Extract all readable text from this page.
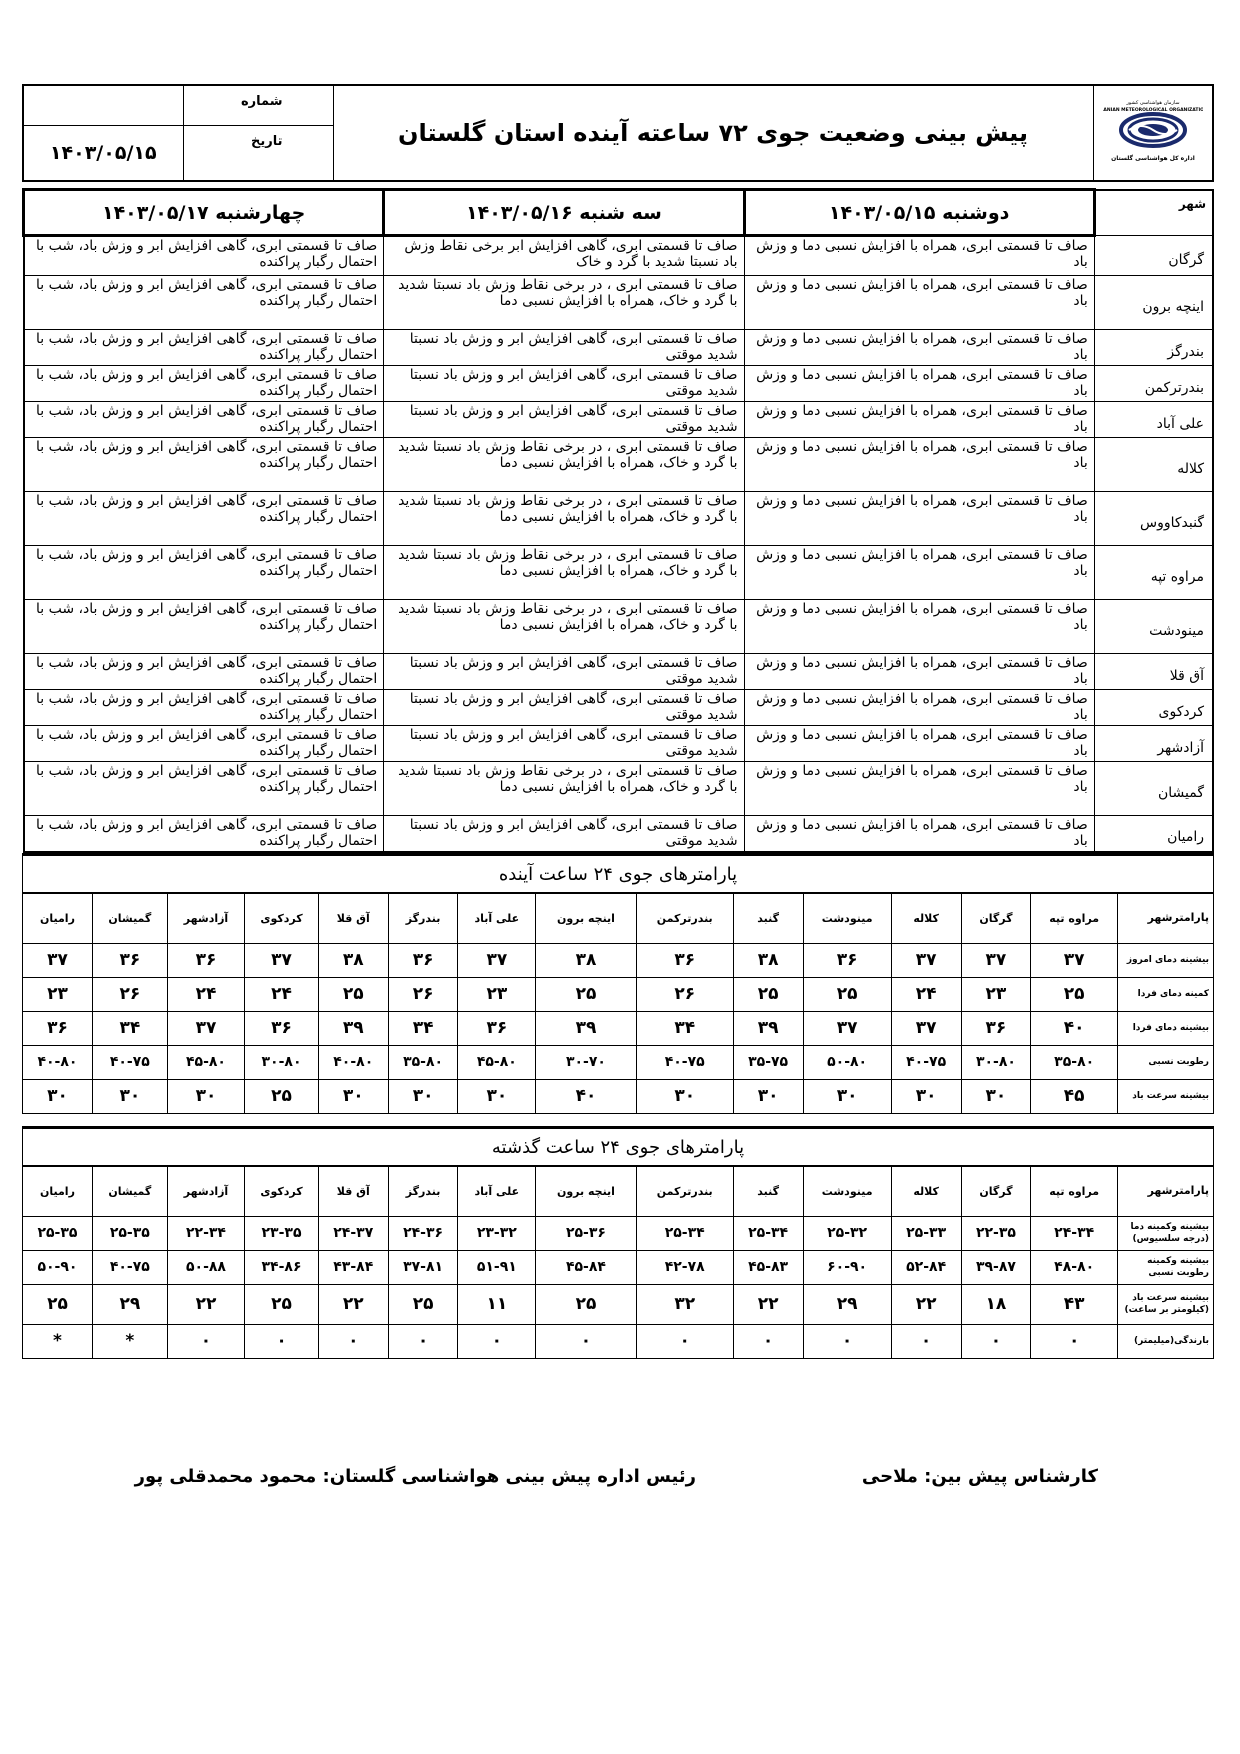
	شماره	پیش بینی وضعیت جوی ۷۲ ساعته آینده استان گلستان	سازمان هواشناسی کشور
IRANIAN METEOROLOGICAL ORGANIZATION
اداره کل هواشناسی گلستان

۱۴۰۳/۰۵/۱۵	تاریخ		
شهر	دوشنبه ۱۴۰۳/۰۵/۱۵	سه شنبه ۱۴۰۳/۰۵/۱۶	چهارشنبه ۱۴۰۳/۰۵/۱۷
گرگان	صاف تا قسمتی ابری، همراه با افزایش نسبی دما و وزش باد	صاف تا قسمتی ابری، گاهی افزایش ابر برخی نقاط وزش باد نسبتا شدید با گرد و خاک	صاف تا قسمتی ابری، گاهی افزایش ابر و وزش باد، شب با احتمال رگبار پراکنده
اینچه برون	صاف تا قسمتی ابری، همراه با افزایش نسبی دما و وزش باد	صاف تا قسمتی ابری ، در برخی نقاط وزش باد نسبتا شدید با گرد و خاک، همراه با افزایش نسبی دما	صاف تا قسمتی ابری، گاهی افزایش ابر و وزش باد، شب با احتمال رگبار پراکنده
بندرگز	صاف تا قسمتی ابری، همراه با افزایش نسبی دما و وزش باد	صاف تا قسمتی ابری، گاهی افزایش ابر و وزش باد نسبتا شدید موقتی	صاف تا قسمتی ابری، گاهی افزایش ابر و وزش باد، شب با احتمال رگبار پراکنده
بندرترکمن	صاف تا قسمتی ابری، همراه با افزایش نسبی دما و وزش باد	صاف تا قسمتی ابری، گاهی افزایش ابر و وزش باد نسبتا شدید موقتی	صاف تا قسمتی ابری، گاهی افزایش ابر و وزش باد، شب با احتمال رگبار پراکنده
علی آباد	صاف تا قسمتی ابری، همراه با افزایش نسبی دما و وزش باد	صاف تا قسمتی ابری، گاهی افزایش ابر و وزش باد نسبتا شدید موقتی	صاف تا قسمتی ابری، گاهی افزایش ابر و وزش باد، شب با احتمال رگبار پراکنده
کلاله	صاف تا قسمتی ابری، همراه با افزایش نسبی دما و وزش باد	صاف تا قسمتی ابری ، در برخی نقاط وزش باد نسبتا شدید با گرد و خاک، همراه با افزایش نسبی دما	صاف تا قسمتی ابری، گاهی افزایش ابر و وزش باد، شب با احتمال رگبار پراکنده
گنبدکاووس	صاف تا قسمتی ابری، همراه با افزایش نسبی دما و وزش باد	صاف تا قسمتی ابری ، در برخی نقاط وزش باد نسبتا شدید با گرد و خاک، همراه با افزایش نسبی دما	صاف تا قسمتی ابری، گاهی افزایش ابر و وزش باد، شب با احتمال رگبار پراکنده
مراوه تپه	صاف تا قسمتی ابری، همراه با افزایش نسبی دما و وزش باد	صاف تا قسمتی ابری ، در برخی نقاط وزش باد نسبتا شدید با گرد و خاک، همراه با افزایش نسبی دما	صاف تا قسمتی ابری، گاهی افزایش ابر و وزش باد، شب با احتمال رگبار پراکنده
مینودشت	صاف تا قسمتی ابری، همراه با افزایش نسبی دما و وزش باد	صاف تا قسمتی ابری ، در برخی نقاط وزش باد نسبتا شدید با گرد و خاک، همراه با افزایش نسبی دما	صاف تا قسمتی ابری، گاهی افزایش ابر و وزش باد، شب با احتمال رگبار پراکنده
آق قلا	صاف تا قسمتی ابری، همراه با افزایش نسبی دما و وزش باد	صاف تا قسمتی ابری، گاهی افزایش ابر و وزش باد نسبتا شدید موقتی	صاف تا قسمتی ابری، گاهی افزایش ابر و وزش باد، شب با احتمال رگبار پراکنده
کردکوی	صاف تا قسمتی ابری، همراه با افزایش نسبی دما و وزش باد	صاف تا قسمتی ابری، گاهی افزایش ابر و وزش باد نسبتا شدید موقتی	صاف تا قسمتی ابری، گاهی افزایش ابر و وزش باد، شب با احتمال رگبار پراکنده
آزادشهر	صاف تا قسمتی ابری، همراه با افزایش نسبی دما و وزش باد	صاف تا قسمتی ابری، گاهی افزایش ابر و وزش باد نسبتا شدید موقتی	صاف تا قسمتی ابری، گاهی افزایش ابر و وزش باد، شب با احتمال رگبار پراکنده
گمیشان	صاف تا قسمتی ابری، همراه با افزایش نسبی دما و وزش باد	صاف تا قسمتی ابری ، در برخی نقاط وزش باد نسبتا شدید با گرد و خاک، همراه با افزایش نسبی دما	صاف تا قسمتی ابری، گاهی افزایش ابر و وزش باد، شب با احتمال رگبار پراکنده
رامیان	صاف تا قسمتی ابری، همراه با افزایش نسبی دما و وزش باد	صاف تا قسمتی ابری، گاهی افزایش ابر و وزش باد نسبتا شدید موقتی	صاف تا قسمتی ابری، گاهی افزایش ابر و وزش باد، شب با احتمال رگبار پراکنده
پارامترهای جوی ۲۴ ساعت آینده
پارامترشهر	مراوه تپه	گرگان	کلاله	مینودشت	گنبد	بندرترکمن	اینچه برون	علی آباد	بندرگز	آق قلا	کردکوی	آزادشهر	گمیشان	رامیان
بیشینه دمای امروز	۳۷	۳۷	۳۷	۳۶	۳۸	۳۶	۳۸	۳۷	۳۶	۳۸	۳۷	۳۶	۳۶	۳۷
کمینه دمای فردا	۲۵	۲۳	۲۴	۲۵	۲۵	۲۶	۲۵	۲۳	۲۶	۲۵	۲۴	۲۴	۲۶	۲۳
بیشینه دمای فردا	۴۰	۳۶	۳۷	۳۷	۳۹	۳۴	۳۹	۳۶	۳۴	۳۹	۳۶	۳۷	۳۴	۳۶
رطوبت نسبی	۳۵-۸۰	۳۰-۸۰	۴۰-۷۵	۵۰-۸۰	۳۵-۷۵	۴۰-۷۵	۳۰-۷۰	۴۵-۸۰	۳۵-۸۰	۴۰-۸۰	۳۰-۸۰	۴۵-۸۰	۴۰-۷۵	۴۰-۸۰
بیشینه سرعت باد	۴۵	۳۰	۳۰	۳۰	۳۰	۳۰	۴۰	۳۰	۳۰	۳۰	۲۵	۳۰	۳۰	۳۰
پارامترهای جوی ۲۴ ساعت گذشته
پارامترشهر	مراوه تپه	گرگان	کلاله	مینودشت	گنبد	بندرترکمن	اینچه برون	علی آباد	بندرگز	آق قلا	کردکوی	آزادشهر	گمیشان	رامیان
بیشینه وکمینه دما (درجه سلسیوس)	۲۴-۳۴	۲۲-۳۵	۲۵-۳۳	۲۵-۳۲	۲۵-۳۴	۲۵-۳۴	۲۵-۳۶	۲۳-۳۲	۲۴-۳۶	۲۴-۳۷	۲۳-۳۵	۲۲-۳۴	۲۵-۳۵	۲۵-۳۵
بیشینه وکمینه رطوبت نسبی	۴۸-۸۰	۳۹-۸۷	۵۲-۸۴	۶۰-۹۰	۴۵-۸۳	۴۲-۷۸	۴۵-۸۴	۵۱-۹۱	۳۷-۸۱	۴۳-۸۴	۳۴-۸۶	۵۰-۸۸	۴۰-۷۵	۵۰-۹۰
بیشینه سرعت باد (کیلومتر بر ساعت)	۴۳	۱۸	۲۲	۲۹	۲۲	۳۲	۲۵	۱۱	۲۵	۲۲	۲۵	۲۲	۲۹	۲۵
بارندگی(میلیمتر)	۰	۰	۰	۰	۰	۰	۰	۰	۰	۰	۰	۰	*	*
کارشناس پیش بین: ملاحی
رئیس اداره پیش بینی هواشناسی گلستان: محمود محمدقلی پور
